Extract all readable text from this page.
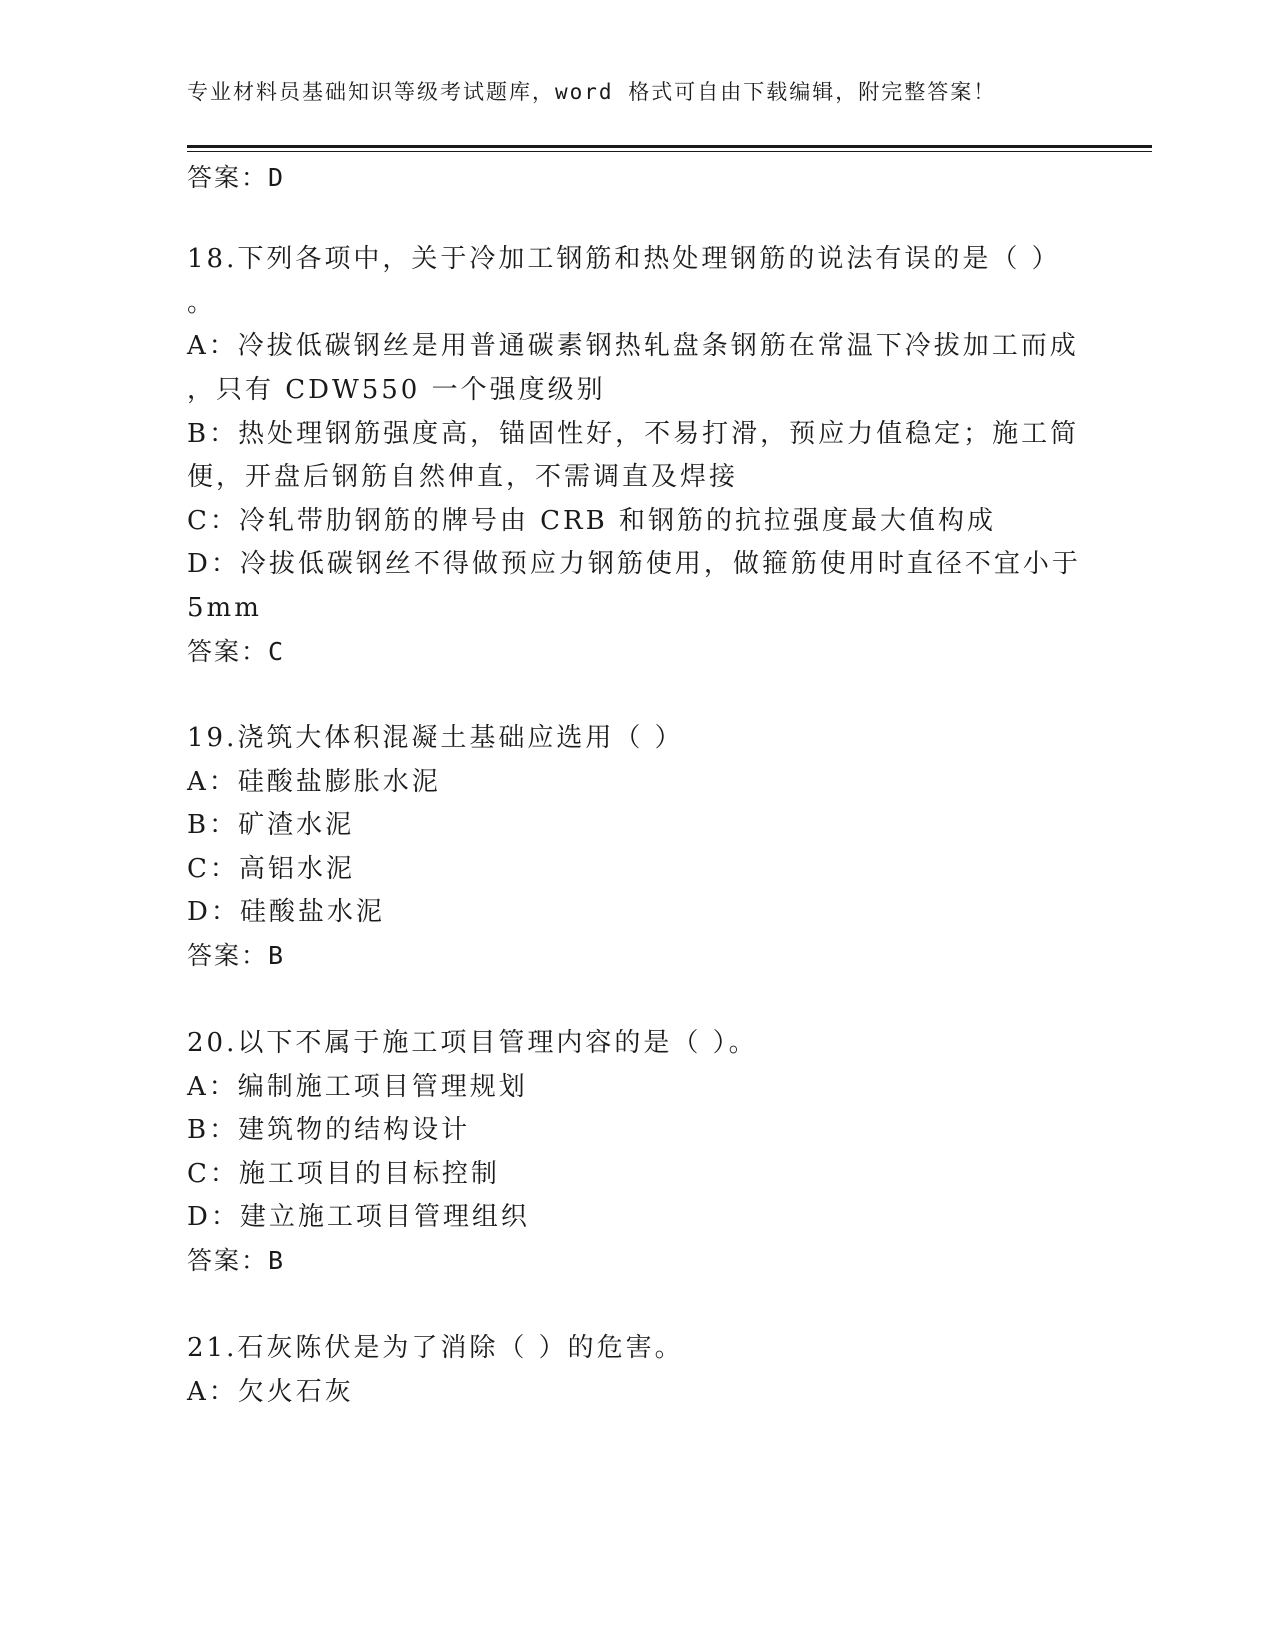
专业材料员基础知识等级考试题库，word 格式可自由下载编辑，附完整答案！
答案：D
18.下列各项中，关于冷加工钢筋和热处理钢筋的说法有误的是（ ）
。
A：冷拔低碳钢丝是用普通碳素钢热轧盘条钢筋在常温下冷拔加工而成
，只有 CDW550 一个强度级别
B：热处理钢筋强度高，锚固性好，不易打滑，预应力值稳定；施工简
便，开盘后钢筋自然伸直，不需调直及焊接
C：冷轧带肋钢筋的牌号由 CRB 和钢筋的抗拉强度最大值构成
D：冷拔低碳钢丝不得做预应力钢筋使用，做箍筋使用时直径不宜小于
5mm
答案：C
19.浇筑大体积混凝土基础应选用（ ）
A：硅酸盐膨胀水泥
B：矿渣水泥
C：高铝水泥
D：硅酸盐水泥
答案：B
20.以下不属于施工项目管理内容的是（ ）。
A：编制施工项目管理规划
B：建筑物的结构设计
C：施工项目的目标控制
D：建立施工项目管理组织
答案：B
21.石灰陈伏是为了消除（ ）的危害。
A：欠火石灰
